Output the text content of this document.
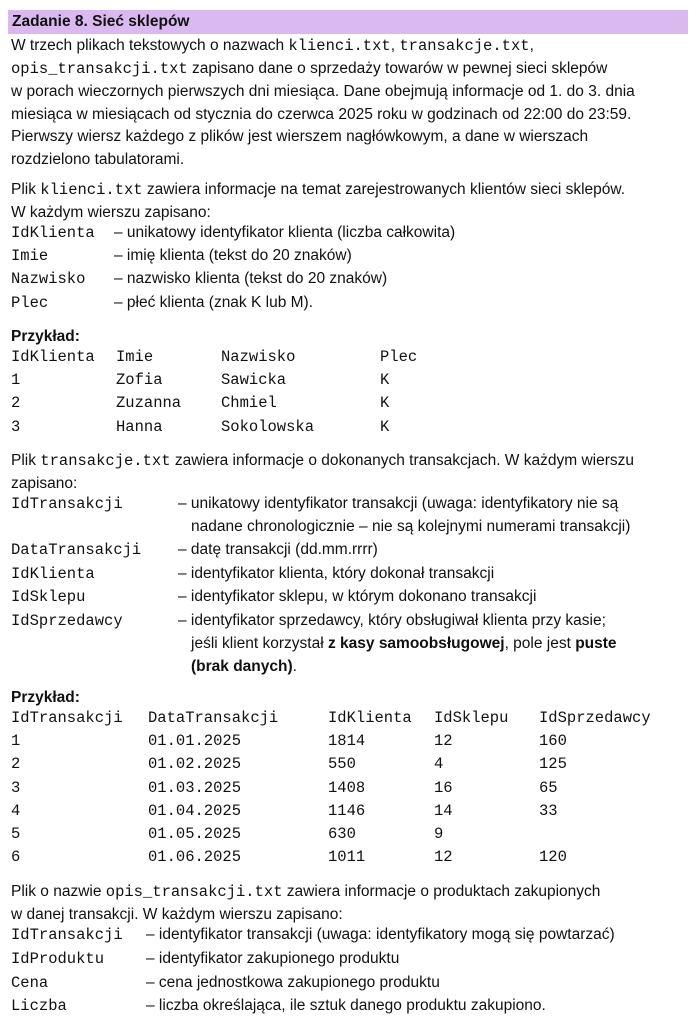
Zadanie 8. Sieć sklepów

W trzech plikach tekstowych o nazwach klienci.txt, transakcje.txt,

opis_transakcji.txt zapisano dane o sprzedaży towarów w pewnej sieci sklepów

w porach wieczornych pierwszych dni miesiąca. Dane obejmują informacje od 1. do 3. dnia

miesiąca w miesiącach od stycznia do czerwca 2025 roku w godzinach od 22:00 do 23:59.

Pierwszy wiersz każdego z plików jest wierszem nagłówkowym, a dane w wierszach

rozdzielono tabulatorami.

Plik klienci.txt zawiera informacje na temat zarejestrowanych klientów sieci sklepów.

W każdym wierszu zapisano:

IdKlienta – unikatowy identyfikator klienta (liczba całkowita)
Imie	– imię klienta (tekst do 20 znaków)
Nazwisko – nazwisko klienta (tekst do 20 znaków)
Plec	– płeć klienta (znak K lub M).
Przykład:
IdKlienta	Imie	Nazwisko	Plec
1	Zofia	Sawicka	K
2	Zuzanna	Chmiel	K
3	Hanna	Sokolowska	K

Plik transakcje.txt zawiera informacje o dokonanych transakcjach. W każdym wierszu

zapisano:

IdTransakcji	– unikatowy identyfikator transakcji (uwaga: identyfikatory nie są
nadane chronologicznie – nie są kolejnymi numerami transakcji)
DataTransakcji – datę transakcji (dd.mm.rrrr)
IdKlienta	– identyfikator klienta, który dokonał transakcji
IdSklepu	– identyfikator sklepu, w którym dokonano transakcji
IdSprzedawcy	– identyfikator sprzedawcy, który obsługiwał klienta przy kasie;
jeśli klient korzystał z kasy samoobsługowej, pole jest puste
(brak danych).
Przykład:
IdTransakcji	DataTransakcji	IdKlienta	IdSklepu	IdSprzedawcy
1	01.01.2025	1814	12	160
2	01.02.2025	550	4	125
3	01.03.2025	1408	16	65
4	01.04.2025	1146	14	33
5	01.05.2025	630	9	
6	01.06.2025	1011	12	120

Plik o nazwie opis_transakcji.txt zawiera informacje o produktach zakupionych

w danej transakcji. W każdym wierszu zapisano:

IdTransakcji – identyfikator transakcji (uwaga: identyfikatory mogą się powtarzać)
IdProduktu	– identyfikator zakupionego produktu
Cena	– cena jednostkowa zakupionego produktu
Liczba	– liczba określająca, ile sztuk danego produktu zakupiono.
